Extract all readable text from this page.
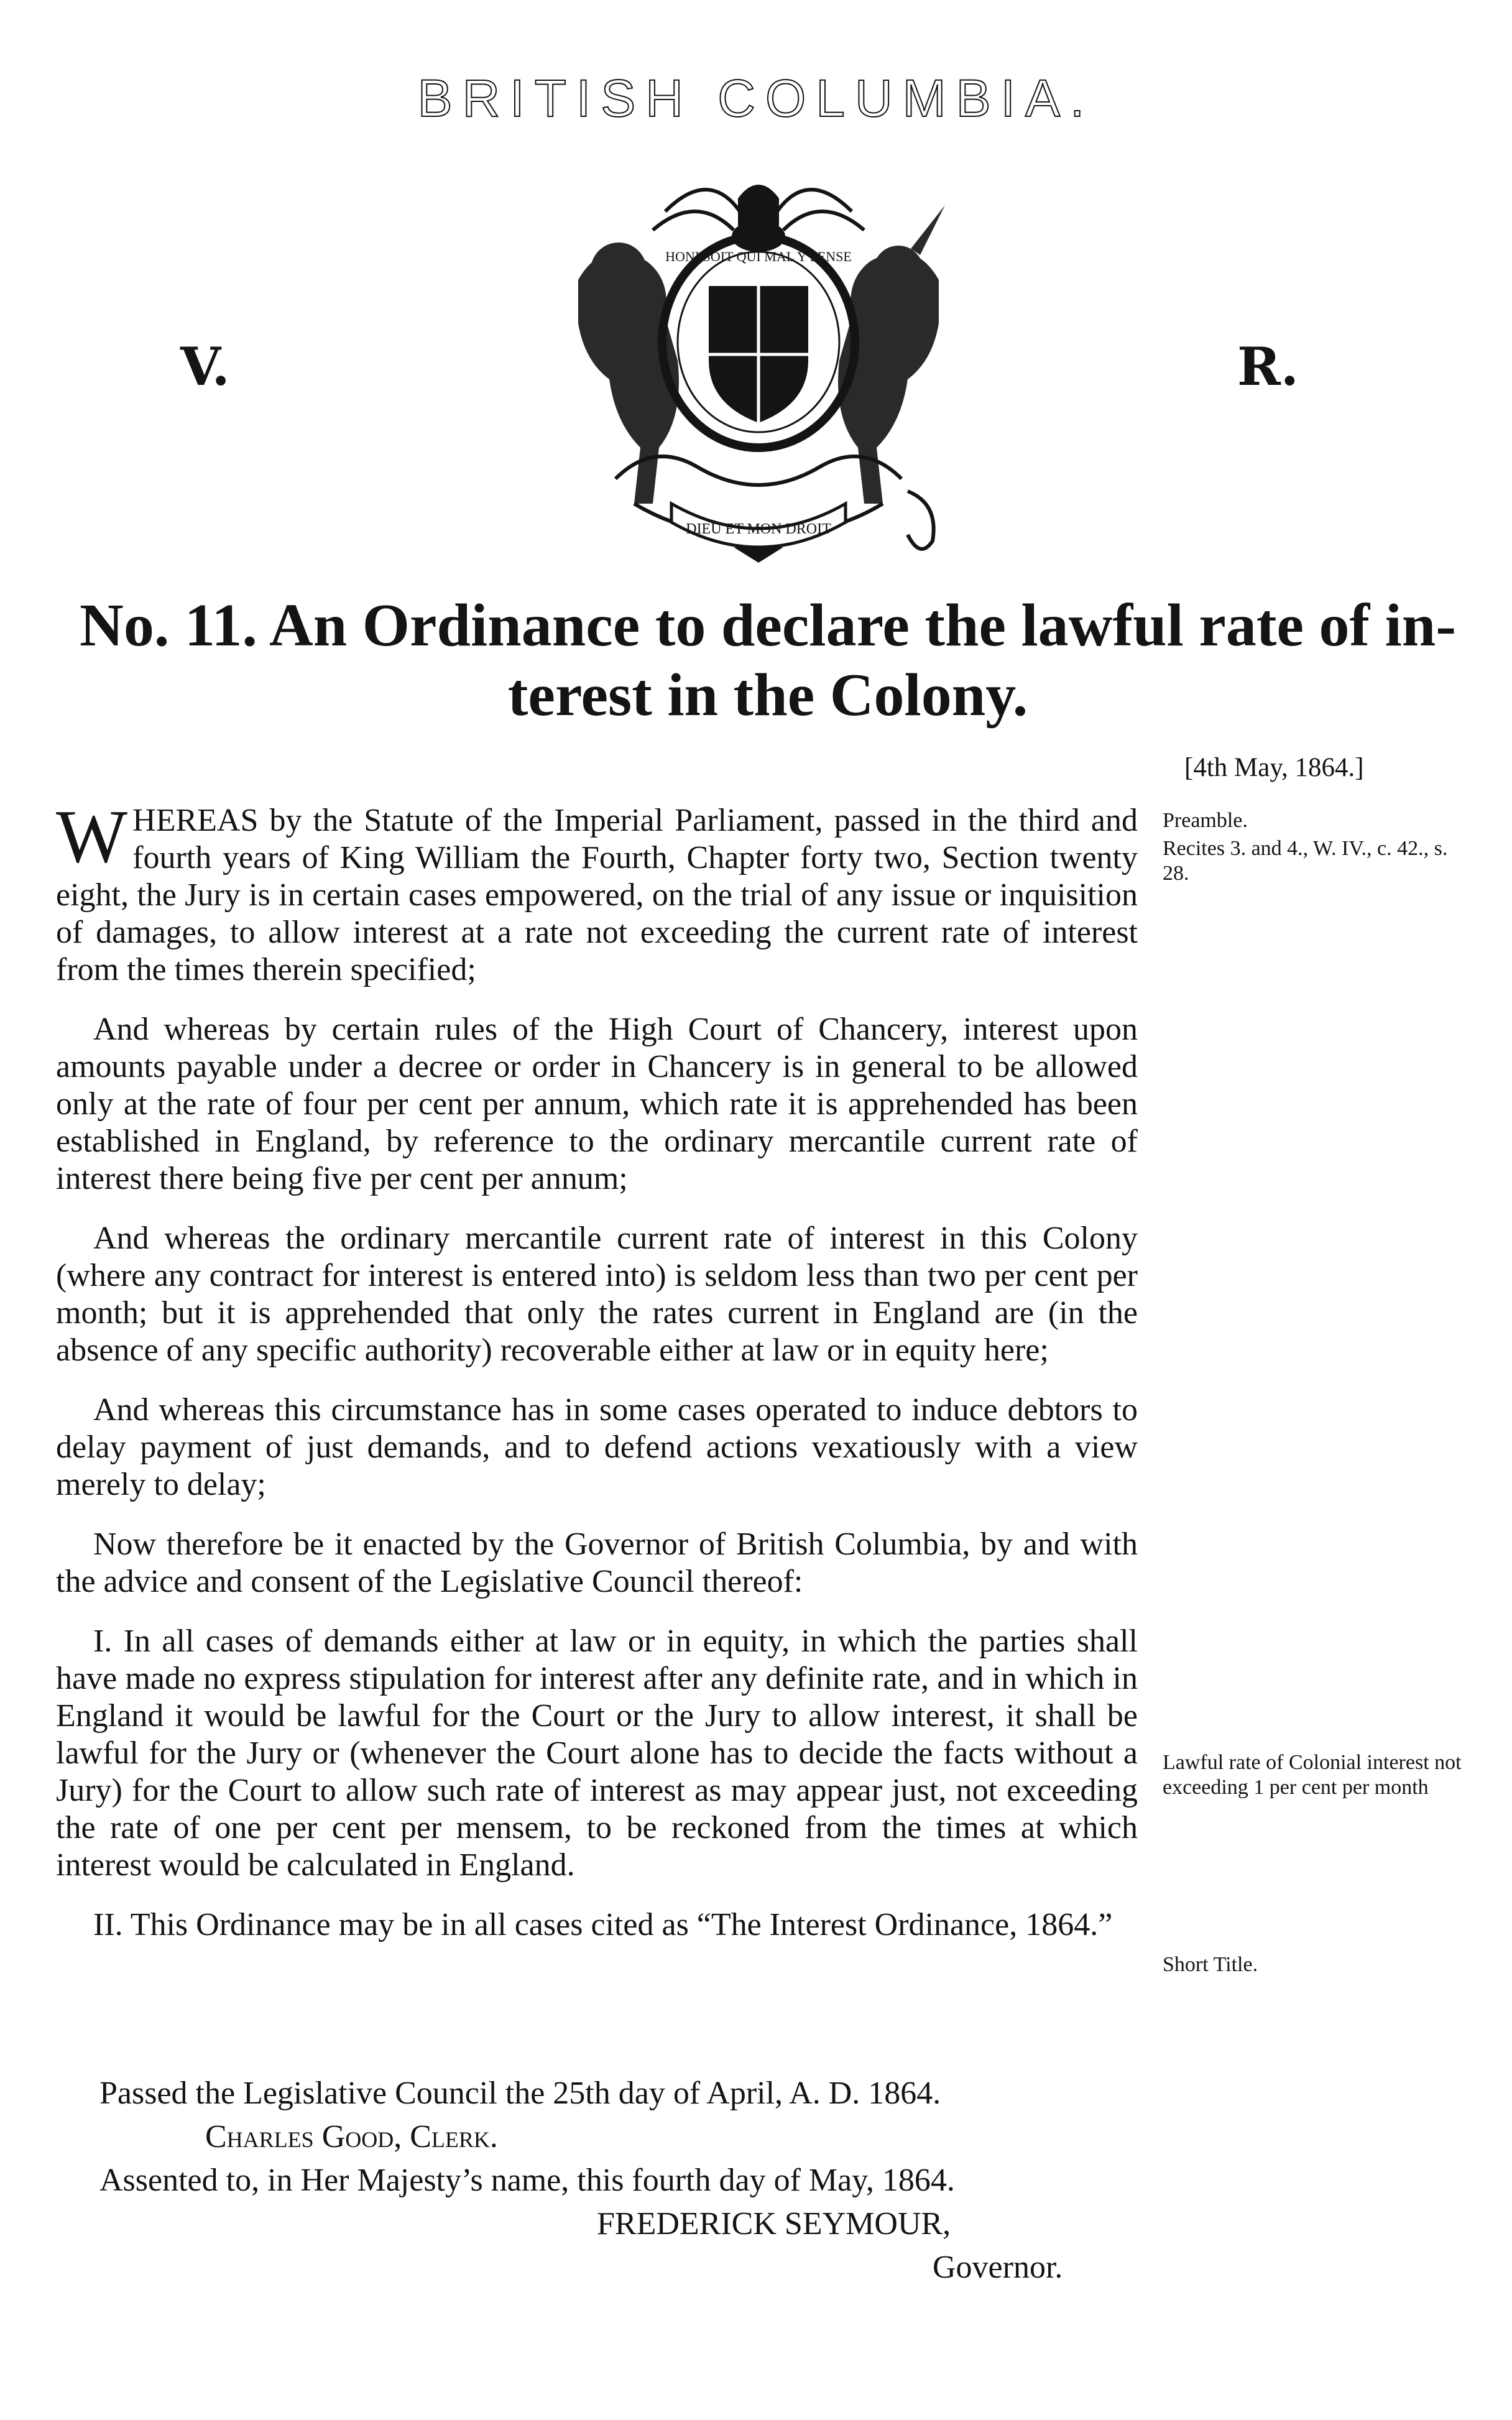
BRITISH COLUMBIA.
V.	R.
HONI SOIT QUI MAL Y PENSE
DIEU ET MON DROIT
No. 11. An Ordinance to declare the lawful rate of in-
terest in the Colony.
[4th May, 1864.]

WHEREAS by the Statute of the Imperial Parliament, passed in the third and fourth years of King William the Fourth, Chapter forty two, Section twenty eight, the Jury is in certain cases empowered, on the trial of any issue or inquisition of damages, to allow interest at a rate not exceeding the current rate of interest from the times therein specified;

And whereas by certain rules of the High Court of Chancery, interest upon amounts payable under a decree or order in Chancery is in general to be allowed only at the rate of four per cent per annum, which rate it is apprehended has been established in England, by reference to the ordinary mercantile current rate of interest there being five per cent per annum;

And whereas the ordinary mercantile current rate of interest in this Colony (where any contract for interest is entered into) is seldom less than two per cent per month; but it is apprehended that only the rates current in England are (in the absence of any specific authority) recoverable either at law or in equity here;

And whereas this circumstance has in some cases operated to induce debtors to delay payment of just demands, and to defend actions vexatiously with a view merely to delay;

Now therefore be it enacted by the Governor of British Columbia, by and with the advice and consent of the Legislative Council thereof:

I. In all cases of demands either at law or in equity, in which the parties shall have made no express stipulation for interest after any definite rate, and in which in England it would be lawful for the Court or the Jury to allow interest, it shall be lawful for the Jury or (whenever the Court alone has to decide the facts without a Jury) for the Court to allow such rate of interest as may appear just, not exceeding the rate of one per cent per mensem, to be reckoned from the times at which interest would be calculated in England.

II. This Ordinance may be in all cases cited as “The Interest Ordinance, 1864.”

Preamble.
Recites 3. and 4., W. IV., c. 42., s. 28.
Lawful rate of Colonial interest not exceeding 1 per cent per month
Short Title.
Passed the Legislative Council the 25th day of April, A. D. 1864.
Charles Good, Clerk.
Assented to, in Her Majesty’s name, this fourth day of May, 1864.
FREDERICK SEYMOUR,
Governor.
